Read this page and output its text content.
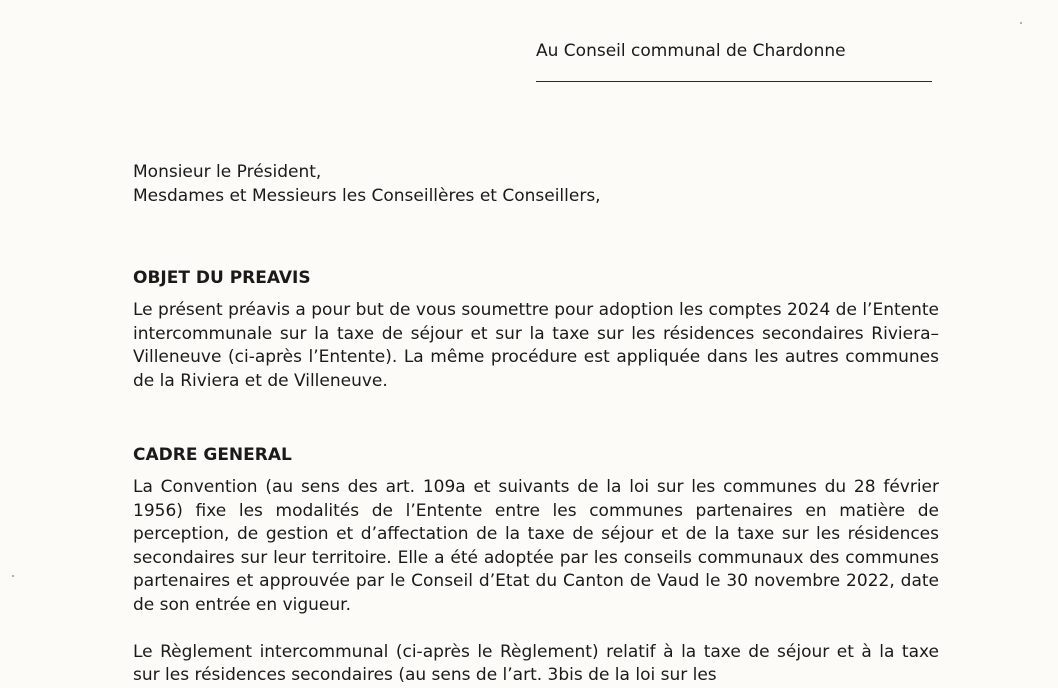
Au Conseil communal de Chardonne
Monsieur le Président,
Mesdames et Messieurs les Conseillères et Conseillers,
OBJET DU PREAVIS

Le présent préavis a pour but de vous soumettre pour adoption les comptes 2024 de l’Entente intercommunale sur la taxe de séjour et sur la taxe sur les résidences secondaires Riviera–Villeneuve (ci-après l’Entente). La même procédure est appliquée dans les autres communes de la Riviera et de Villeneuve.

CADRE GENERAL

La Convention (au sens des art. 109a et suivants de la loi sur les communes du 28 février 1956) fixe les modalités de l’Entente entre les communes partenaires en matière de perception, de gestion et d’affectation de la taxe de séjour et de la taxe sur les résidences secondaires sur leur territoire. Elle a été adoptée par les conseils communaux des communes partenaires et approuvée par le Conseil d’Etat du Canton de Vaud le 30 novembre 2022, date de son entrée en vigueur.

Le Règlement intercommunal (ci-après le Règlement) relatif à la taxe de séjour et à la taxe sur les résidences secondaires (au sens de l’art. 3bis de la loi sur les
